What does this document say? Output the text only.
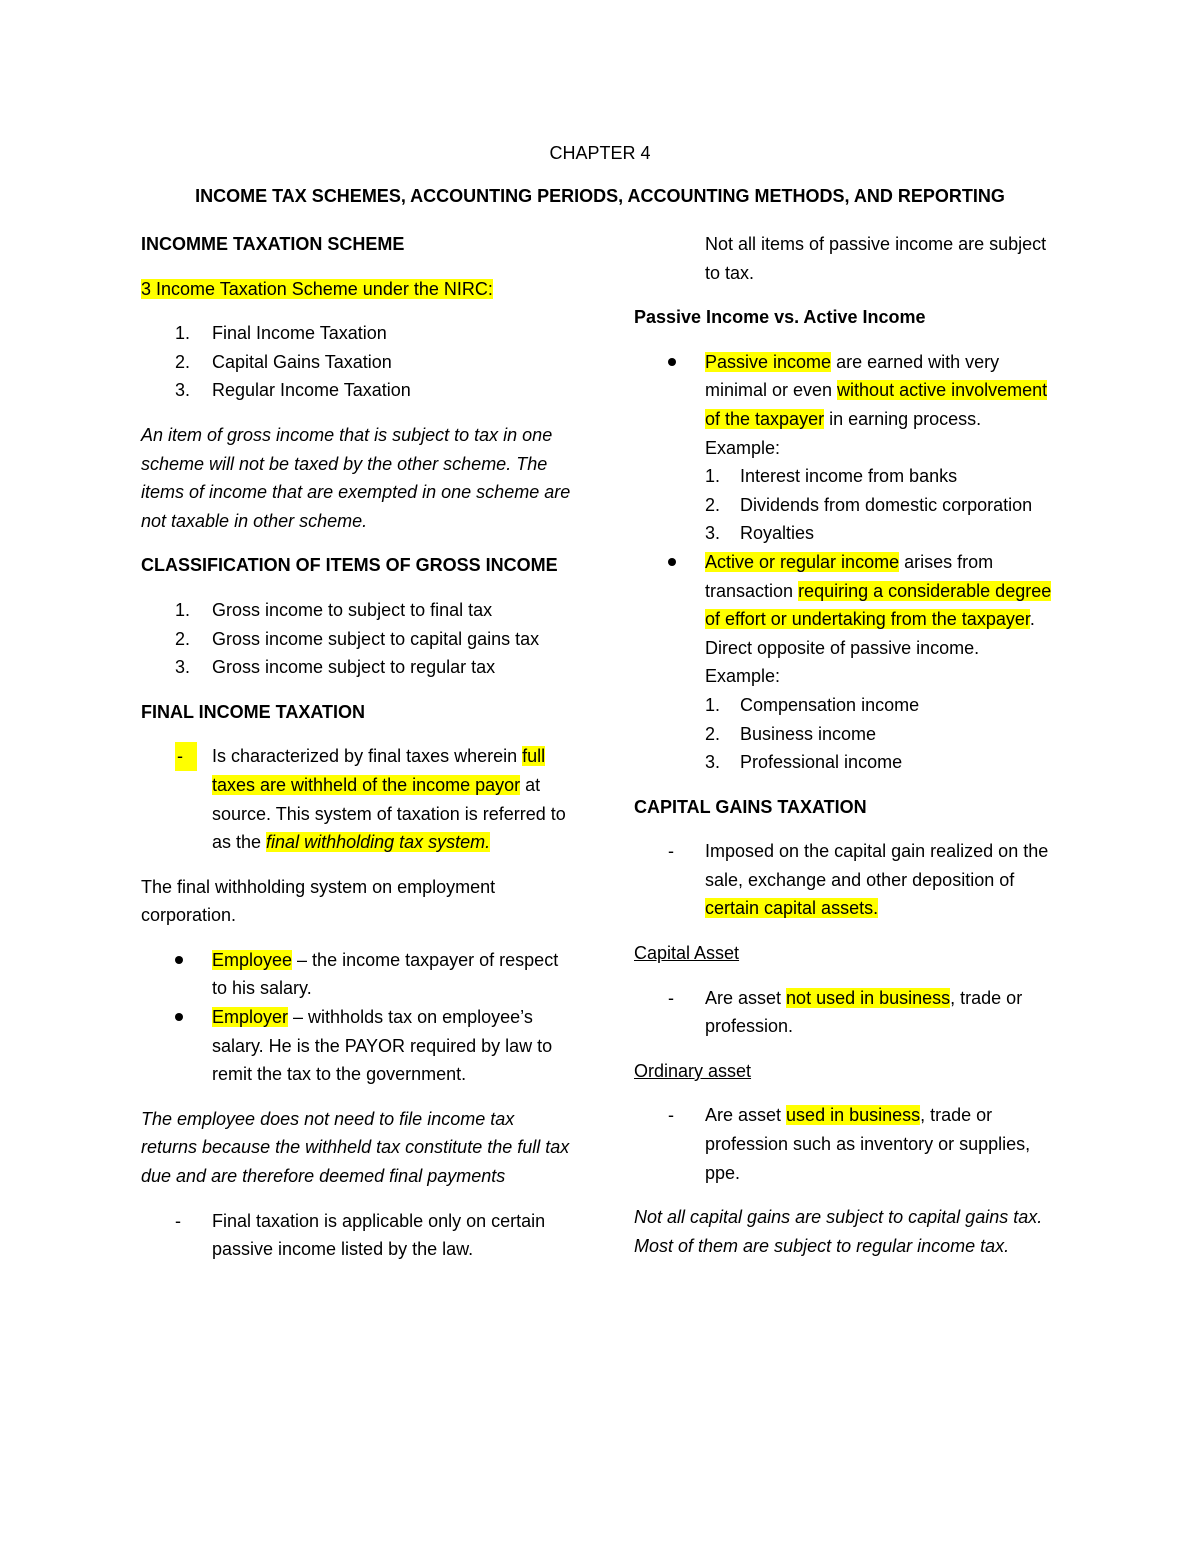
CHAPTER 4
INCOME TAX SCHEMES, ACCOUNTING PERIODS, ACCOUNTING METHODS, AND REPORTING

INCOMME TAXATION SCHEME

3 Income Taxation Scheme under the NIRC:

1.	Final Income Taxation
2.	Capital Gains Taxation
3.	Regular Income Taxation

An item of gross income that is subject to tax in one scheme will not be taxed by the other scheme. The items of income that are exempted in one scheme are not taxable in other scheme.

CLASSIFICATION OF ITEMS OF GROSS INCOME

1.	Gross income to subject to final tax
2.	Gross income subject to capital gains tax
3.	Gross income subject to regular tax

FINAL INCOME TAXATION

-	Is characterized by final taxes wherein full taxes are withheld of the income payor at source. This system of taxation is referred to as the final withholding tax system.

The final withholding system on employment corporation.

Employee – the income taxpayer of respect to his salary.
Employer – withholds tax on employee’s salary. He is the PAYOR required by law to remit the tax to the government.

The employee does not need to file income tax returns because the withheld tax constitute the full tax due and are therefore deemed final payments

- Final taxation is applicable only on certain passive income listed by the law.

Not all items of passive income are subject to tax.

Passive Income vs. Active Income

Passive income are earned with very minimal or even without active involvement of the taxpayer in earning process.

Example:

1. Interest income from banks
2. Dividends from domestic corporation
3. Royalties
Active or regular income arises from transaction requiring a considerable degree of effort or undertaking from the taxpayer. Direct opposite of passive income.

Example:

1. Compensation income
2. Business income
3. Professional income

CAPITAL GAINS TAXATION

- Imposed on the capital gain realized on the sale, exchange and other deposition of certain capital assets.

Capital Asset

- Are asset not used in business, trade or profession.

Ordinary asset

- Are asset used in business, trade or profession such as inventory or supplies, ppe.

Not all capital gains are subject to capital gains tax. Most of them are subject to regular income tax.
